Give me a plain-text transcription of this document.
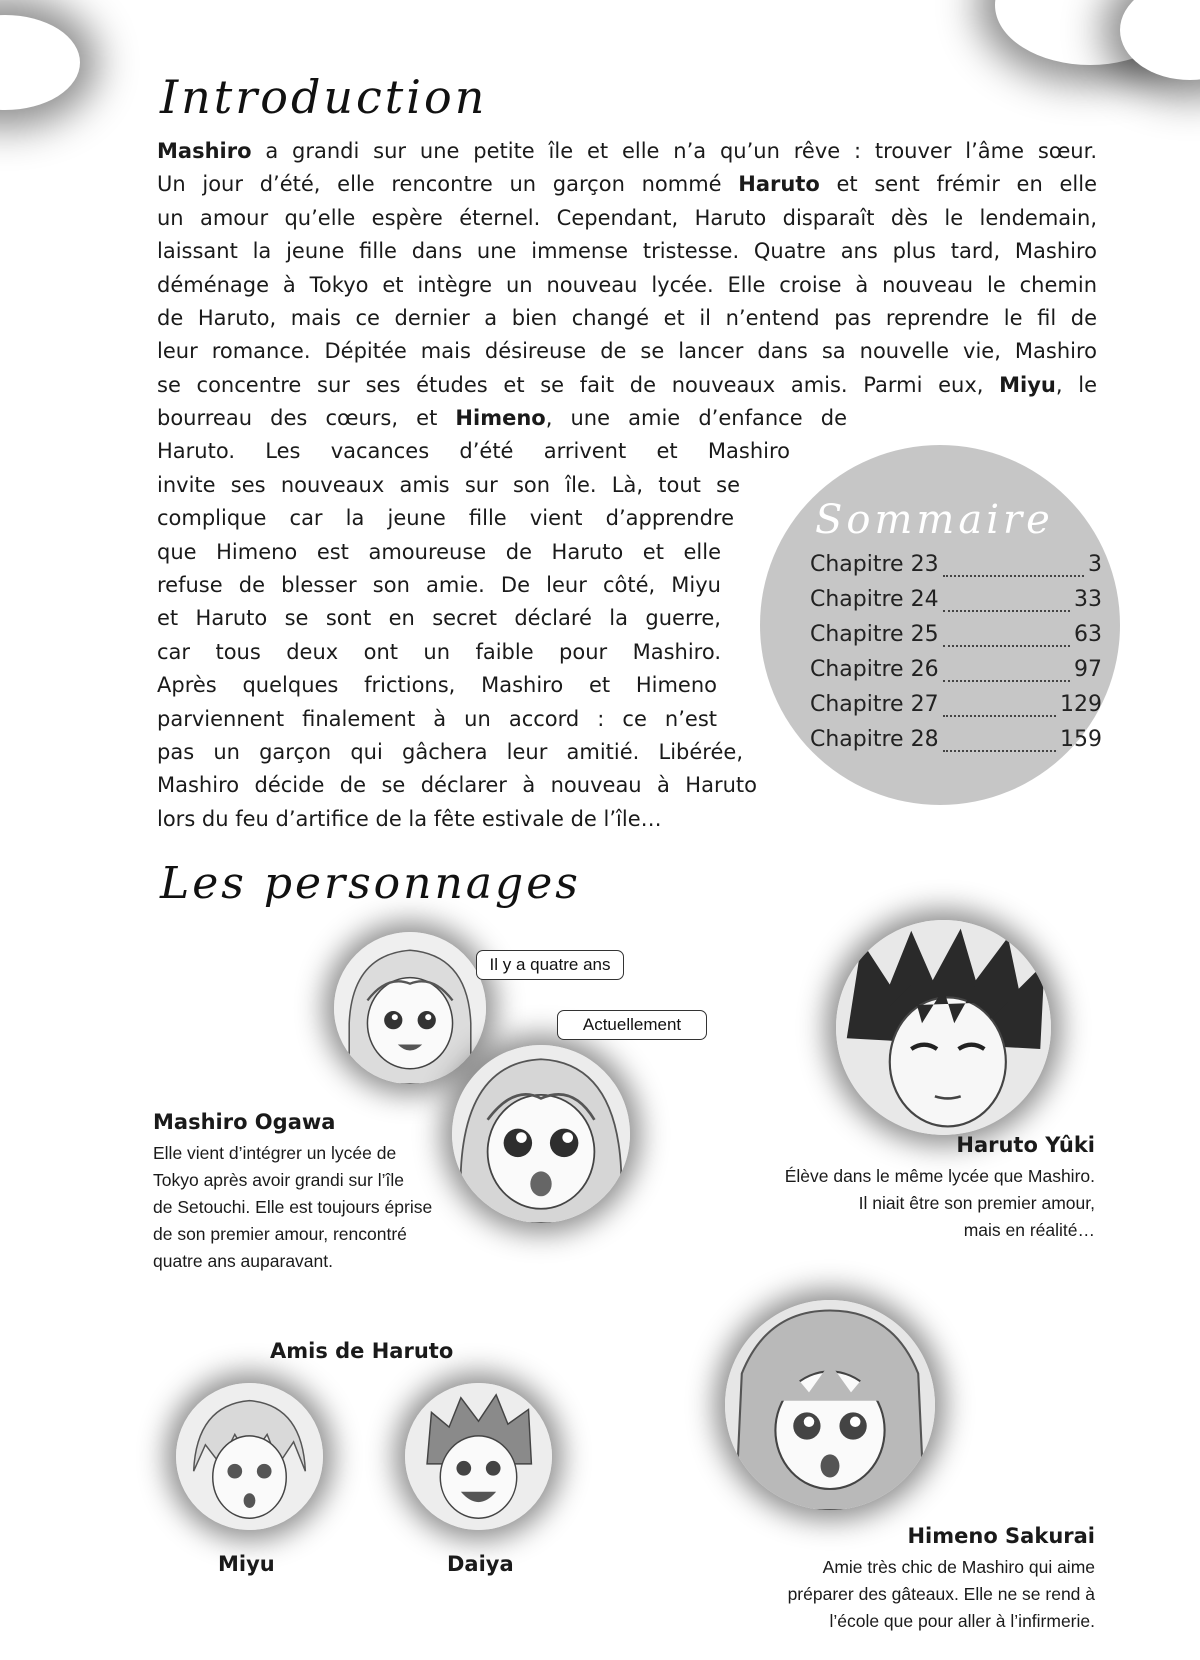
Introduction
Mashiro a grandi sur une petite île et elle n’a qu’un rêve : trouver l’âme sœur.
Un jour d’été, elle rencontre un garçon nommé Haruto et sent frémir en elle
un amour qu’elle espère éternel. Cependant, Haruto disparaît dès le lendemain,
laissant la jeune fille dans une immense tristesse. Quatre ans plus tard, Mashiro
déménage à Tokyo et intègre un nouveau lycée. Elle croise à nouveau le chemin
de Haruto, mais ce dernier a bien changé et il n’entend pas reprendre le fil de
leur romance. Dépitée mais désireuse de se lancer dans sa nouvelle vie, Mashiro
se concentre sur ses études et se fait de nouveaux amis. Parmi eux, Miyu, le
bourreau des cœurs, et Himeno, une amie d’enfance de
Haruto. Les vacances d’été arrivent et Mashiro
invite ses nouveaux amis sur son île. Là, tout se
complique car la jeune fille vient d’apprendre
que Himeno est amoureuse de Haruto et elle
refuse de blesser son amie. De leur côté, Miyu
et Haruto se sont en secret déclaré la guerre,
car tous deux ont un faible pour Mashiro.
Après quelques frictions, Mashiro et Himeno
parviennent finalement à un accord : ce n’est
pas un garçon qui gâchera leur amitié. Libérée,
Mashiro décide de se déclarer à nouveau à Haruto
lors du feu d’artifice de la fête estivale de l’île…
Sommaire
Chapitre 23	3
Chapitre 24	33
Chapitre 25	63
Chapitre 26	97
Chapitre 27	129
Chapitre 28	159
Les personnages
Il y a quatre ans
Actuellement
Mashiro Ogawa
Elle vient d’intégrer un lycée de
Tokyo après avoir grandi sur l’île
de Setouchi. Elle est toujours éprise
de son premier amour, rencontré
quatre ans auparavant.
Haruto Yûki
Élève dans le même lycée que Mashiro.
Il niait être son premier amour,
mais en réalité…
Amis de Haruto
Miyu	Daiya
Himeno Sakurai
Amie très chic de Mashiro qui aime
préparer des gâteaux. Elle ne se rend à
l’école que pour aller à l’infirmerie.
